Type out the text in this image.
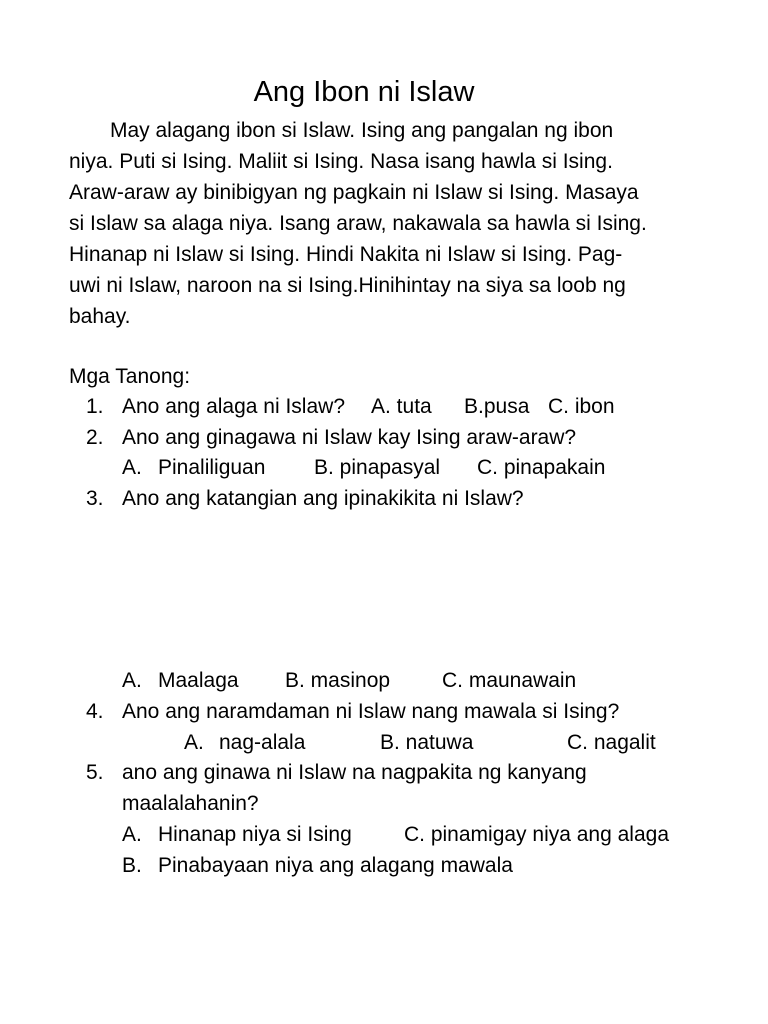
Ang Ibon ni Islaw
May alagang ibon si Islaw. Ising ang pangalan ng ibon
niya. Puti si Ising. Maliit si Ising. Nasa isang hawla si Ising.
Araw-araw ay binibigyan ng pagkain ni Islaw si Ising. Masaya
si Islaw sa alaga niya. Isang araw, nakawala sa hawla si Ising.
Hinanap ni Islaw si Ising. Hindi Nakita ni Islaw si Ising. Pag-
uwi ni Islaw, naroon na si Ising.Hinihintay na siya sa loob ng
bahay.
Mga Tanong:
1. Ano ang alaga ni Islaw? A. tuta B.pusa C. ibon
2. Ano ang ginagawa ni Islaw kay Ising araw-araw?
A. Pinaliliguan B. pinapasyal C. pinapakain
3. Ano ang katangian ang ipinakikita ni Islaw?
A. Maalaga B. masinop C. maunawain
4. Ano ang naramdaman ni Islaw nang mawala si Ising?
A. nag-alala	B. natuwa	C. nagalit
5. ano ang ginawa ni Islaw na nagpakita ng kanyang
maalalahanin?
A. Hinanap niya si Ising C. pinamigay niya ang alaga
B. Pinabayaan niya ang alagang mawala
